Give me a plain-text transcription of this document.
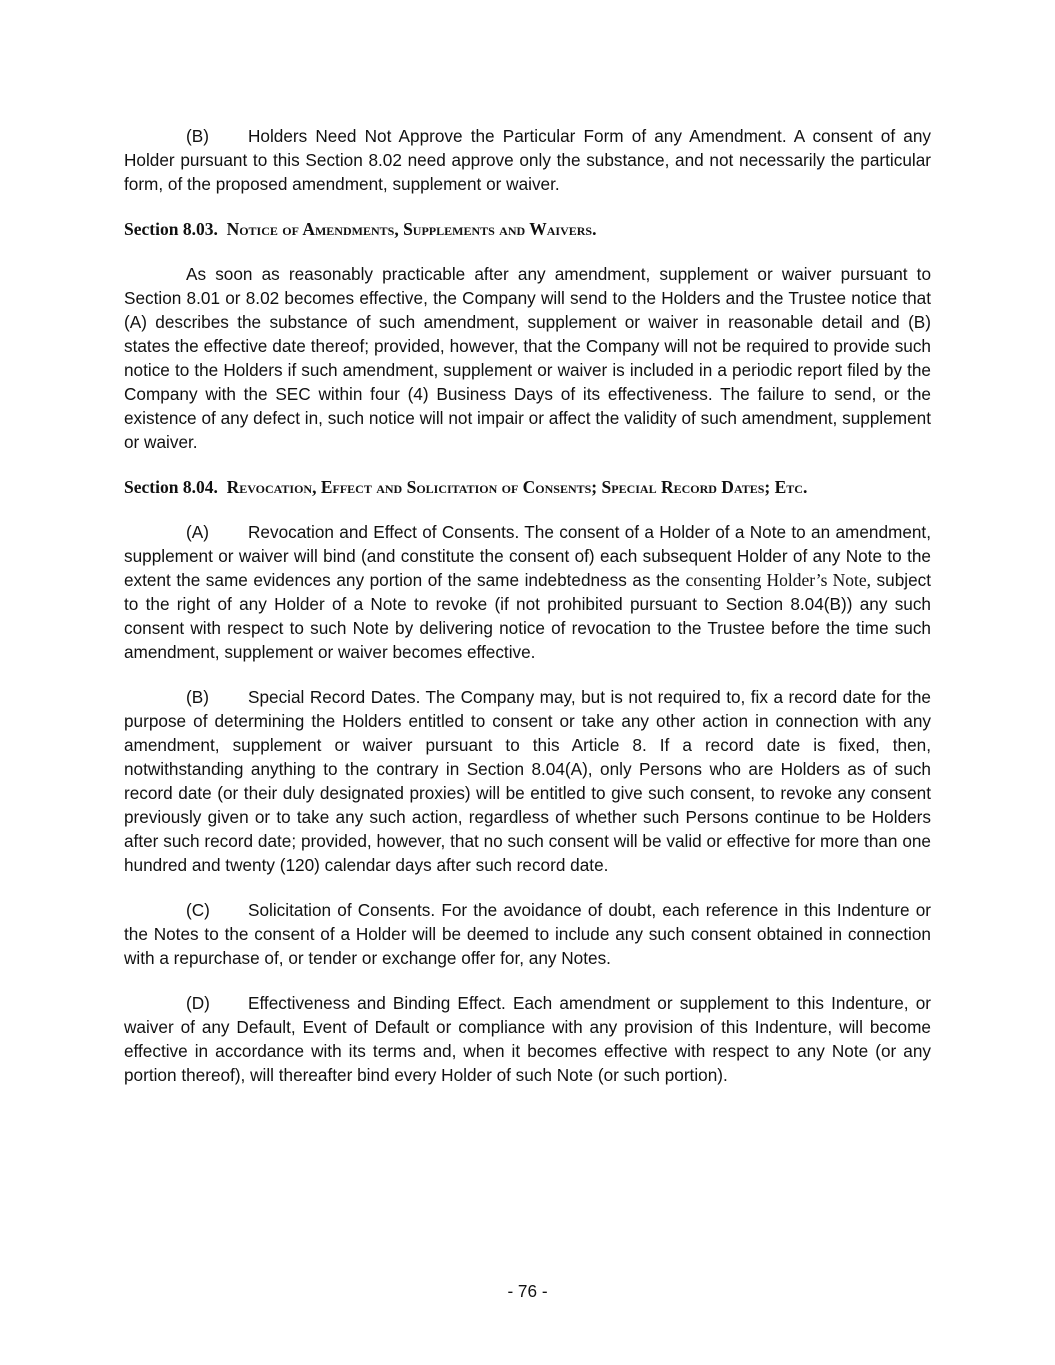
(B) Holders Need Not Approve the Particular Form of any Amendment. A consent of any Holder pursuant to this Section 8.02 need approve only the substance, and not necessarily the particular form, of the proposed amendment, supplement or waiver.

Section 8.03. Notice of Amendments, Supplements and Waivers.

As soon as reasonably practicable after any amendment, supplement or waiver pursuant to Section 8.01 or 8.02 becomes effective, the Company will send to the Holders and the Trustee notice that (A) describes the substance of such amendment, supplement or waiver in reasonable detail and (B) states the effective date thereof; provided, however, that the Company will not be required to provide such notice to the Holders if such amendment, supplement or waiver is included in a periodic report filed by the Company with the SEC within four (4) Business Days of its effectiveness. The failure to send, or the existence of any defect in, such notice will not impair or affect the validity of such amendment, supplement or waiver.

Section 8.04. Revocation, Effect and Solicitation of Consents; Special Record Dates; Etc.

(A) Revocation and Effect of Consents. The consent of a Holder of a Note to an amendment, supplement or waiver will bind (and constitute the consent of) each subsequent Holder of any Note to the extent the same evidences any portion of the same indebtedness as the consenting Holder’s Note, subject to the right of any Holder of a Note to revoke (if not prohibited pursuant to Section 8.04(B)) any such consent with respect to such Note by delivering notice of revocation to the Trustee before the time such amendment, supplement or waiver becomes effective.

(B) Special Record Dates. The Company may, but is not required to, fix a record date for the purpose of determining the Holders entitled to consent or take any other action in connection with any amendment, supplement or waiver pursuant to this Article 8. If a record date is fixed, then, notwithstanding anything to the contrary in Section 8.04(A), only Persons who are Holders as of such record date (or their duly designated proxies) will be entitled to give such consent, to revoke any consent previously given or to take any such action, regardless of whether such Persons continue to be Holders after such record date; provided, however, that no such consent will be valid or effective for more than one hundred and twenty (120) calendar days after such record date.

(C) Solicitation of Consents. For the avoidance of doubt, each reference in this Indenture or the Notes to the consent of a Holder will be deemed to include any such consent obtained in connection with a repurchase of, or tender or exchange offer for, any Notes.

(D) Effectiveness and Binding Effect. Each amendment or supplement to this Indenture, or waiver of any Default, Event of Default or compliance with any provision of this Indenture, will become effective in accordance with its terms and, when it becomes effective with respect to any Note (or any portion thereof), will thereafter bind every Holder of such Note (or such portion).

- 76 -
